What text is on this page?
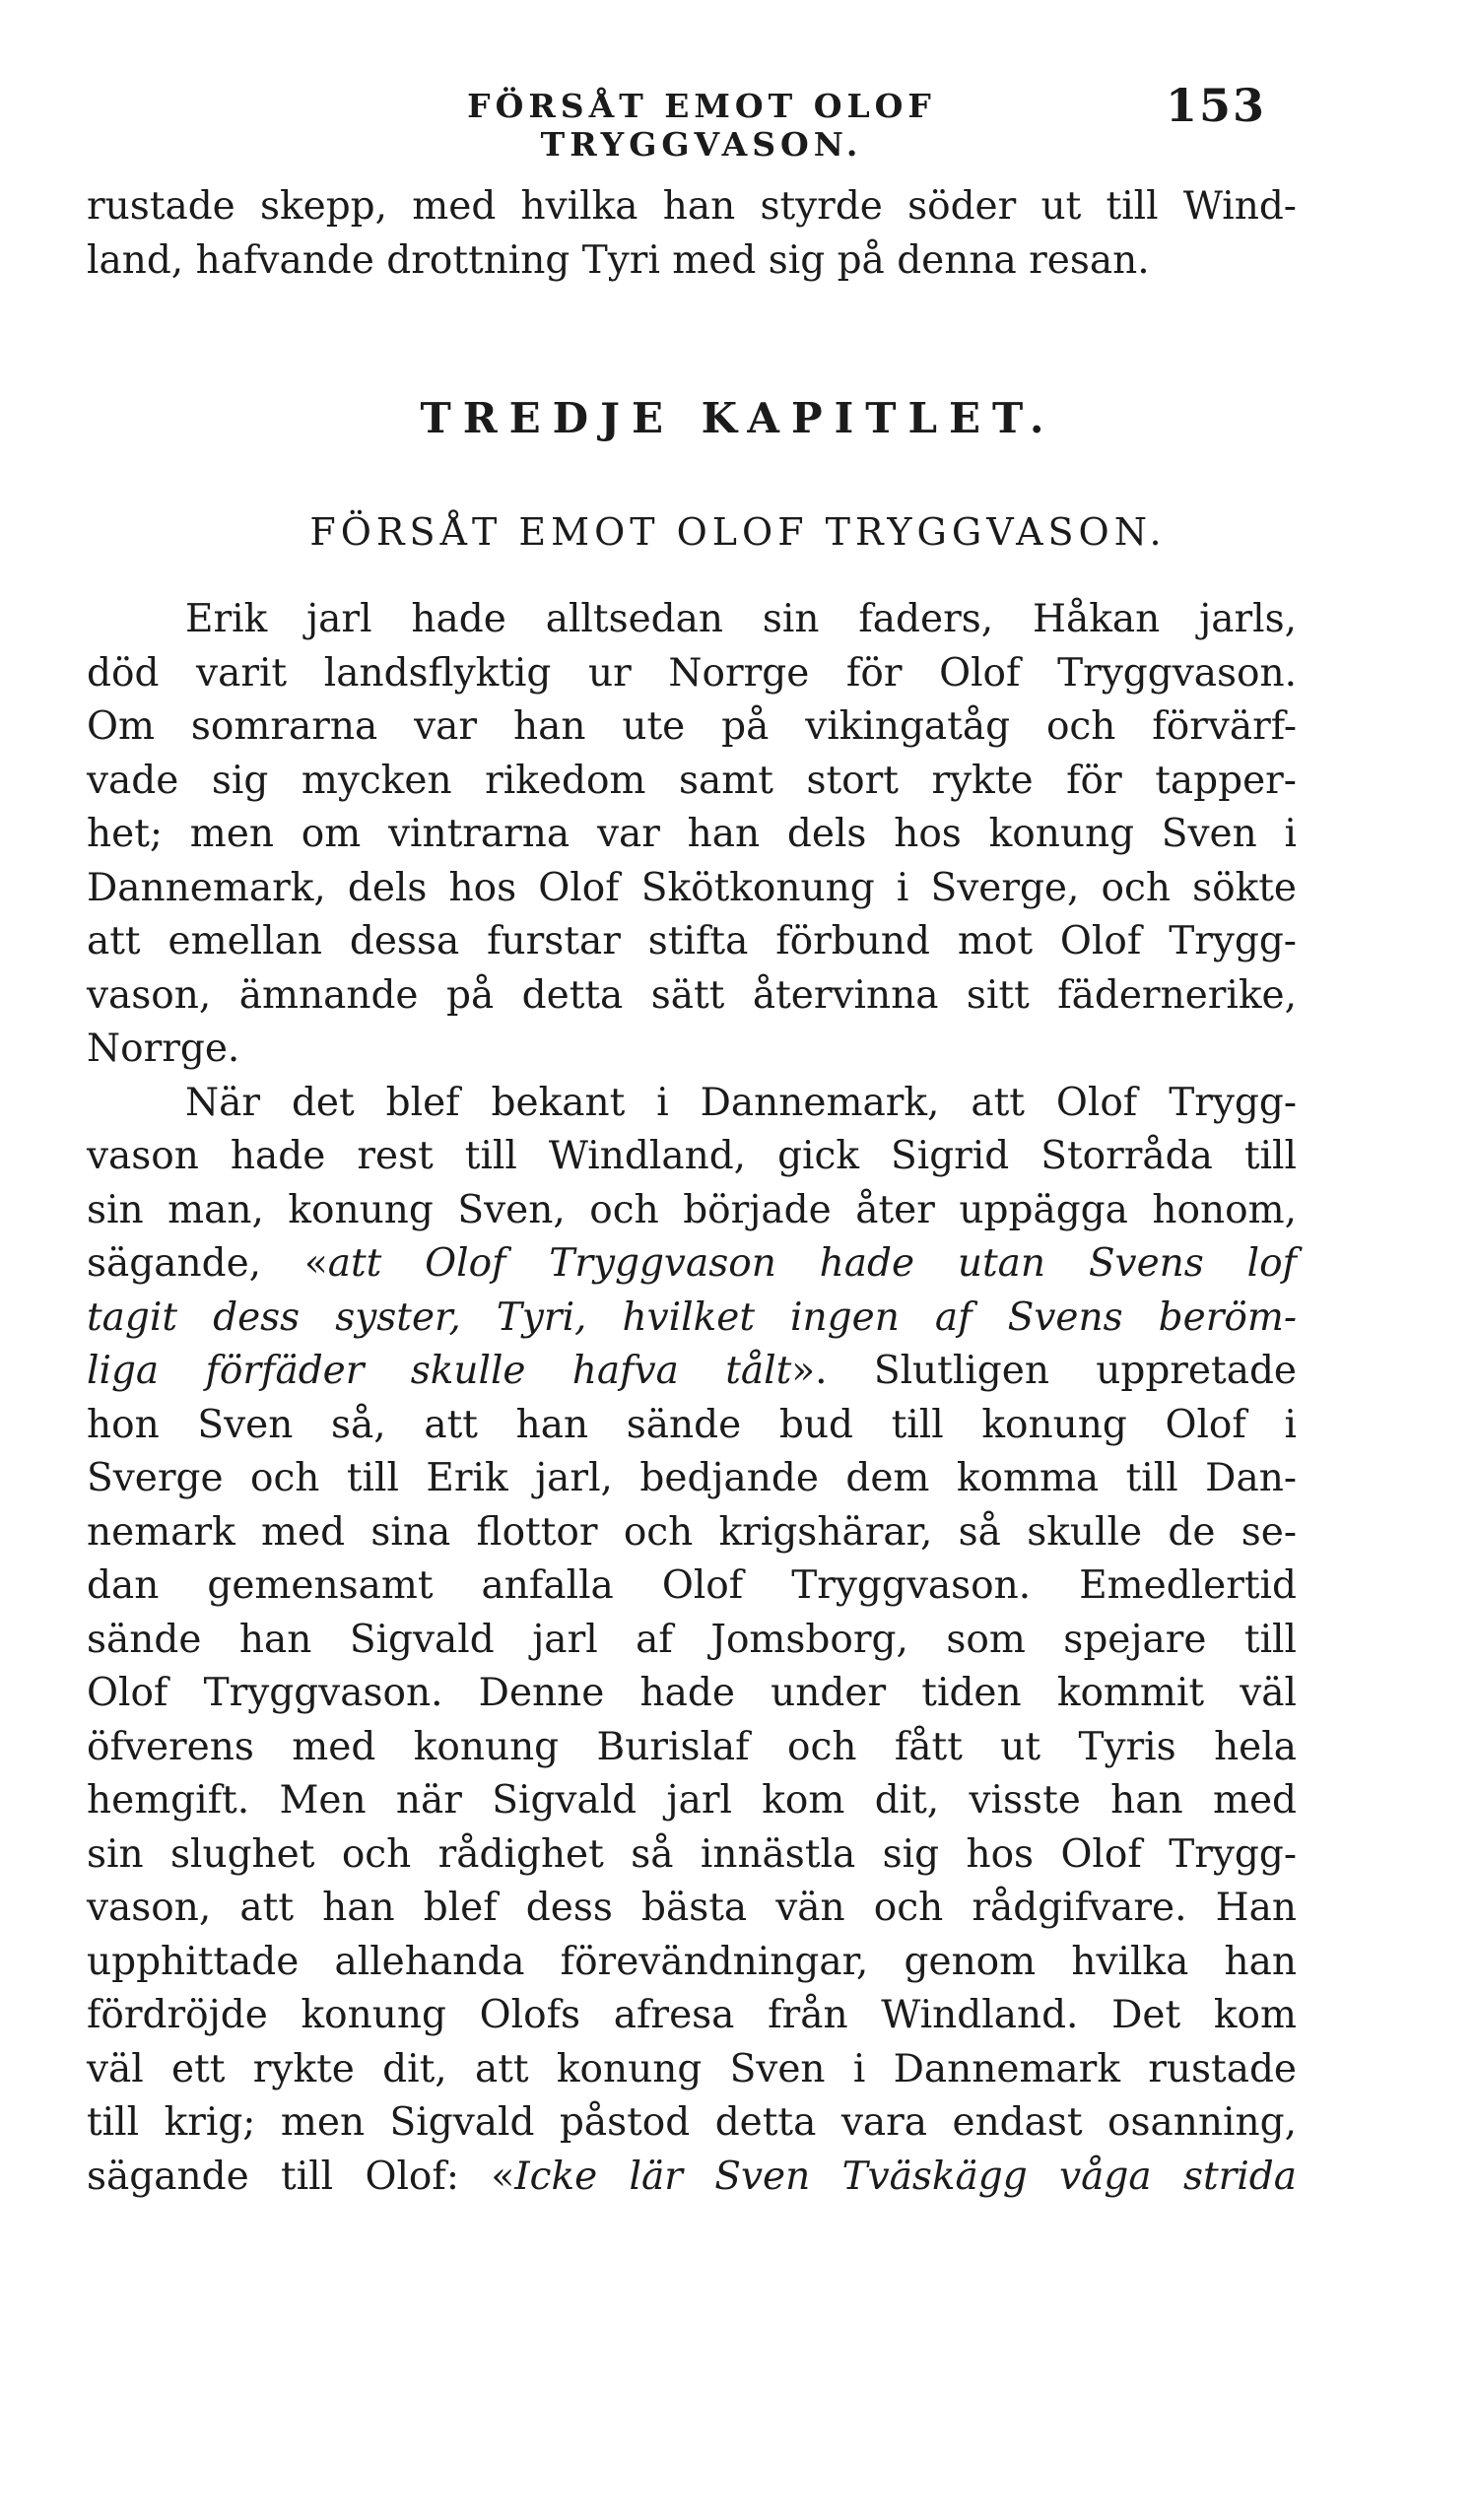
FÖRSÅT EMOT OLOF TRYGGVASON.
153
rustade skepp, med hvilka han styrde söder ut till Wind-
land, hafvande drottning Tyri med sig på denna resan.
TREDJE KAPITLET.
FÖRSÅT EMOT OLOF TRYGGVASON.
Erik jarl hade alltsedan sin faders, Håkan jarls,
död varit landsflyktig ur Norrge för Olof Tryggvason.
Om somrarna var han ute på vikingatåg och förvärf-
vade sig mycken rikedom samt stort rykte för tapper-
het; men om vintrarna var han dels hos konung Sven i
Dannemark, dels hos Olof Skötkonung i Sverge, och sökte
att emellan dessa furstar stifta förbund mot Olof Trygg-
vason, ämnande på detta sätt återvinna sitt fädernerike,
Norrge.
När det blef bekant i Dannemark, att Olof Trygg-
vason hade rest till Windland, gick Sigrid Storråda till
sin man, konung Sven, och började åter uppägga honom,
sägande, «att Olof Tryggvason hade utan Svens lof
tagit dess syster, Tyri, hvilket ingen af Svens beröm-
liga förfäder skulle hafva tålt». Slutligen uppretade
hon Sven så, att han sände bud till konung Olof i
Sverge och till Erik jarl, bedjande dem komma till Dan-
nemark med sina flottor och krigshärar, så skulle de se-
dan gemensamt anfalla Olof Tryggvason. Emedlertid
sände han Sigvald jarl af Jomsborg, som spejare till
Olof Tryggvason. Denne hade under tiden kommit väl
öfverens med konung Burislaf och fått ut Tyris hela
hemgift. Men när Sigvald jarl kom dit, visste han med
sin slughet och rådighet så innästla sig hos Olof Trygg-
vason, att han blef dess bästa vän och rådgifvare. Han
upphittade allehanda förevändningar, genom hvilka han
fördröjde konung Olofs afresa från Windland. Det kom
väl ett rykte dit, att konung Sven i Dannemark rustade
till krig; men Sigvald påstod detta vara endast osanning,
sägande till Olof: «Icke lär Sven Tväskägg våga strida
